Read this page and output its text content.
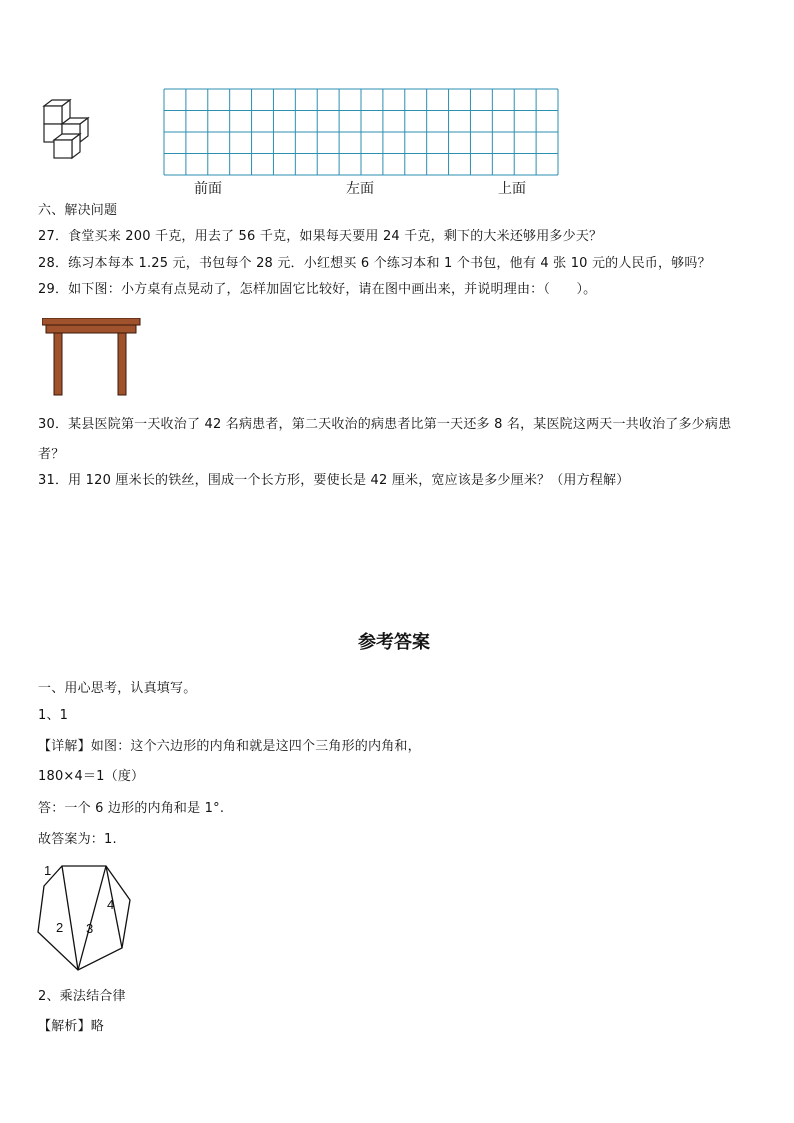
前面	左面	上面
六、解决问题
27．食堂买来 200 千克，用去了 56 千克，如果每天要用 24 千克，剩下的大米还够用多少天？
28．练习本每本 1.25 元，书包每个 28 元．小红想买 6 个练习本和 1 个书包，他有 4 张 10 元的人民币，够吗？
29．如下图：小方桌有点晃动了，怎样加固它比较好，请在图中画出来，并说明理由：（　　）。
30．某县医院第一天收治了 42 名病患者，第二天收治的病患者比第一天还多 8 名，某医院这两天一共收治了多少病患
者？
31．用 120 厘米长的铁丝，围成一个长方形，要使长是 42 厘米，宽应该是多少厘米？（用方程解）
参考答案
一、用心思考，认真填写。
1、1
【详解】如图：这个六边形的内角和就是这四个三角形的内角和，
180×4＝1（度）
答：一个 6 边形的内角和是 1°.
故答案为：1.
1
2 3
4
2、乘法结合律
【解析】略
